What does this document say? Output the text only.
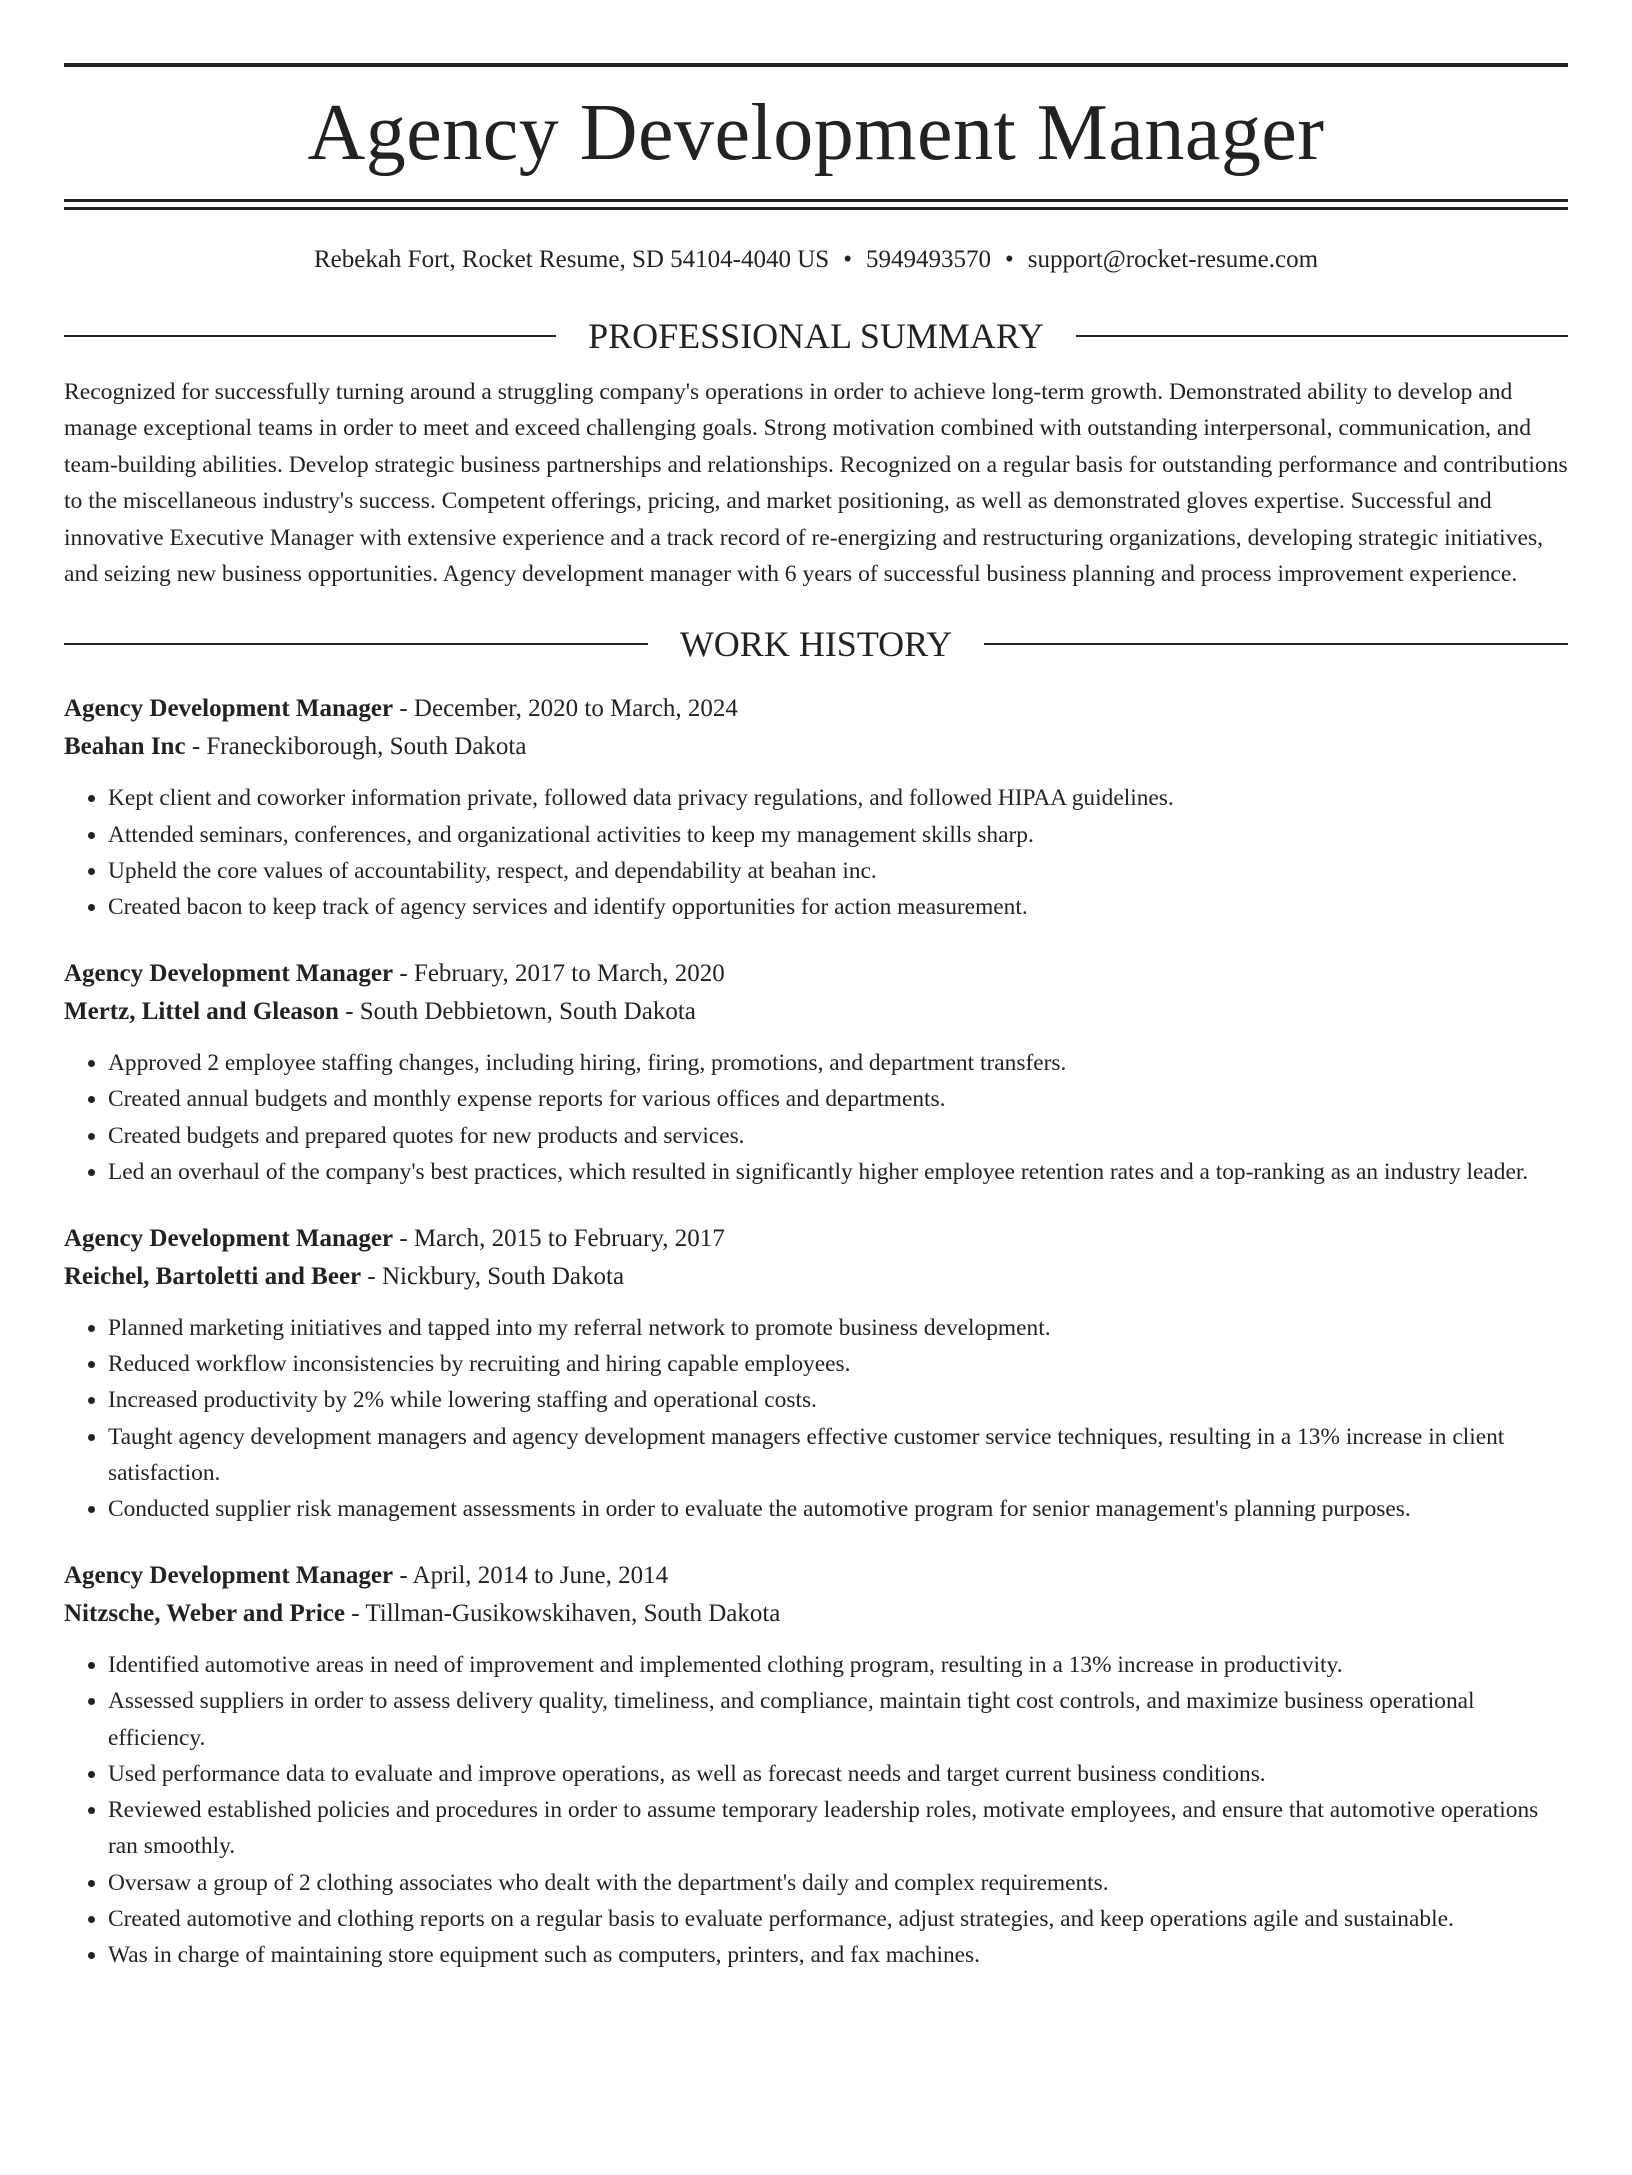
Agency Development Manager
Rebekah Fort, Rocket Resume, SD 54104-4040 US • 5949493570 • support@rocket-resume.com
PROFESSIONAL SUMMARY
Recognized for successfully turning around a struggling company's operations in order to achieve long-term growth. Demonstrated ability to develop and manage exceptional teams in order to meet and exceed challenging goals. Strong motivation combined with outstanding interpersonal, communication, and team-building abilities. Develop strategic business partnerships and relationships. Recognized on a regular basis for outstanding performance and contributions to the miscellaneous industry's success. Competent offerings, pricing, and market positioning, as well as demonstrated gloves expertise. Successful and innovative Executive Manager with extensive experience and a track record of re-energizing and restructuring organizations, developing strategic initiatives, and seizing new business opportunities. Agency development manager with 6 years of successful business planning and process improvement experience.
WORK HISTORY
Agency Development Manager - December, 2020 to March, 2024
Beahan Inc - Franeckiborough, South Dakota
• Kept client and coworker information private, followed data privacy regulations, and followed HIPAA guidelines.
• Attended seminars, conferences, and organizational activities to keep my management skills sharp.
• Upheld the core values of accountability, respect, and dependability at beahan inc.
• Created bacon to keep track of agency services and identify opportunities for action measurement.
Agency Development Manager - February, 2017 to March, 2020
Mertz, Littel and Gleason - South Debbietown, South Dakota
• Approved 2 employee staffing changes, including hiring, firing, promotions, and department transfers.
• Created annual budgets and monthly expense reports for various offices and departments.
• Created budgets and prepared quotes for new products and services.
• Led an overhaul of the company's best practices, which resulted in significantly higher employee retention rates and a top-ranking as an industry leader.
Agency Development Manager - March, 2015 to February, 2017
Reichel, Bartoletti and Beer - Nickbury, South Dakota
• Planned marketing initiatives and tapped into my referral network to promote business development.
• Reduced workflow inconsistencies by recruiting and hiring capable employees.
• Increased productivity by 2% while lowering staffing and operational costs.
• Taught agency development managers and agency development managers effective customer service techniques, resulting in a 13% increase in client satisfaction.
• Conducted supplier risk management assessments in order to evaluate the automotive program for senior management's planning purposes.
Agency Development Manager - April, 2014 to June, 2014
Nitzsche, Weber and Price - Tillman-Gusikowskihaven, South Dakota
• Identified automotive areas in need of improvement and implemented clothing program, resulting in a 13% increase in productivity.
• Assessed suppliers in order to assess delivery quality, timeliness, and compliance, maintain tight cost controls, and maximize business operational efficiency.
• Used performance data to evaluate and improve operations, as well as forecast needs and target current business conditions.
• Reviewed established policies and procedures in order to assume temporary leadership roles, motivate employees, and ensure that automotive operations ran smoothly.
• Oversaw a group of 2 clothing associates who dealt with the department's daily and complex requirements.
• Created automotive and clothing reports on a regular basis to evaluate performance, adjust strategies, and keep operations agile and sustainable.
• Was in charge of maintaining store equipment such as computers, printers, and fax machines.
